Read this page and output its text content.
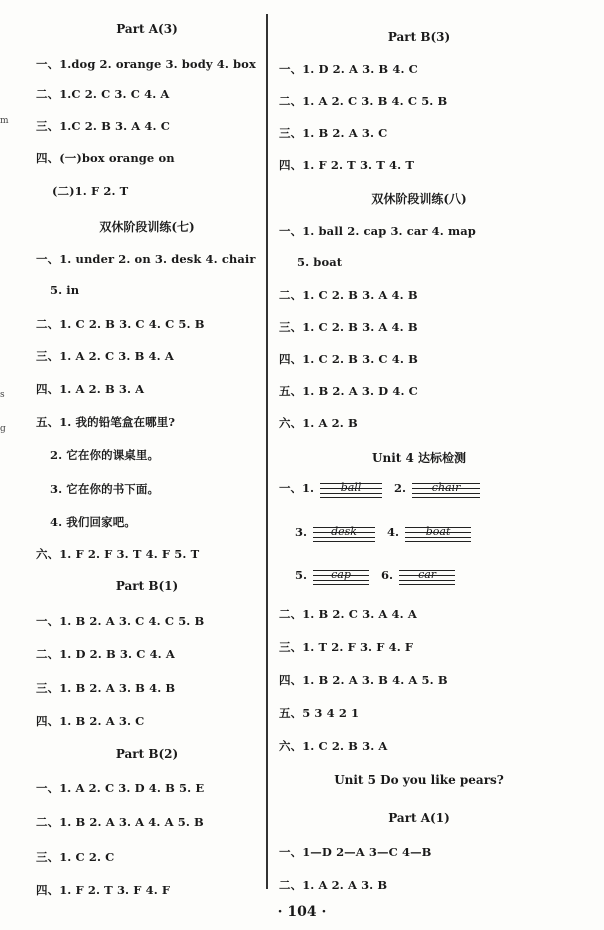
m
s
g
Part A(3)
一、1.dog 2. orange 3. body 4. box
二、1.C 2. C 3. C 4. A
三、1.C 2. B 3. A 4. C
四、(一)box orange on
(二)1. F 2. T
双休阶段训练(七)
一、1. under 2. on 3. desk 4. chair
5. in
二、1. C 2. B 3. C 4. C 5. B
三、1. A 2. C 3. B 4. A
四、1. A 2. B 3. A
五、1. 我的铅笔盒在哪里?
2. 它在你的课桌里。
3. 它在你的书下面。
4. 我们回家吧。
六、1. F 2. F 3. T 4. F 5. T
Part B(1)
一、1. B 2. A 3. C 4. C 5. B
二、1. D 2. B 3. C 4. A
三、1. B 2. A 3. B 4. B
四、1. B 2. A 3. C
Part B(2)
一、1. A 2. C 3. D 4. B 5. E
二、1. B 2. A 3. A 4. A 5. B
三、1. C 2. C
四、1. F 2. T 3. F 4. F
Part B(3)
一、1. D 2. A 3. B 4. C
二、1. A 2. C 3. B 4. C 5. B
三、1. B 2. A 3. C
四、1. F 2. T 3. T 4. T
双休阶段训练(八)
一、1. ball 2. cap 3. car 4. map
5. boat
二、1. C 2. B 3. A 4. B
三、1. C 2. B 3. A 4. B
四、1. C 2. B 3. C 4. B
五、1. B 2. A 3. D 4. C
六、1. A 2. B
Unit 4 达标检测
一、1.	ball	2.	chair
3.	desk	4.	boat
5.	cap	6.	car
二、1. B 2. C 3. A 4. A
三、1. T 2. F 3. F 4. F
四、1. B 2. A 3. B 4. A 5. B
五、5 3 4 2 1
六、1. C 2. B 3. A
Unit 5 Do you like pears?
Part A(1)
一、1—D 2—A 3—C 4—B
二、1. A 2. A 3. B
· 104 ·
